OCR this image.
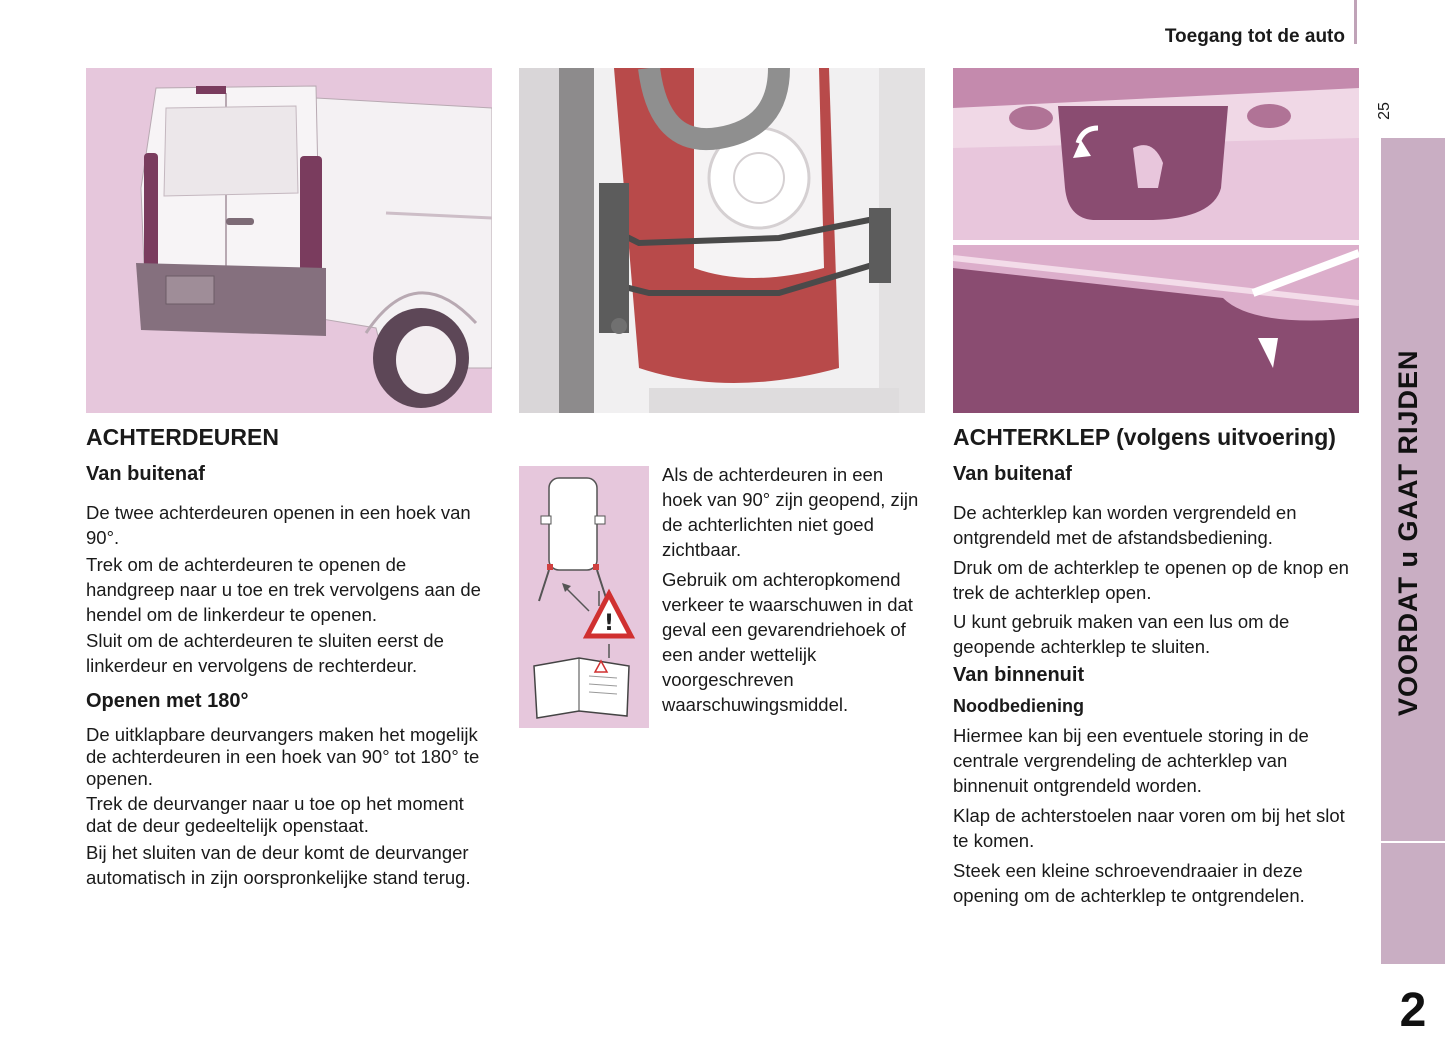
Toegang tot de auto
25
VOORDAT u GAAT RIJDEN
2
ACHTERDEUREN
Van buitenaf

De twee achterdeuren openen in een hoek van 90°.

Trek om de achterdeuren te openen de handgreep naar u toe en trek vervolgens aan de hendel om de linkerdeur te openen.

Sluit om de achterdeuren te sluiten eerst de linkerdeur en vervolgens de rechterdeur.

Openen met 180°

De uitklapbare deurvangers maken het mogelijk de achterdeuren in een hoek van 90° tot 180° te openen.

Trek de deurvanger naar u toe op het moment dat de deur gedeeltelijk openstaat.

Bij het sluiten van de deur komt de deurvanger automatisch in zijn oorspronkelijke stand terug.

!

Als de achterdeuren in een hoek van 90° zijn geopend, zijn de achterlichten niet goed zichtbaar.

Gebruik om achteropkomend verkeer te waarschuwen in dat geval een gevarendriehoek of een ander wettelijk voorgeschreven waarschuwingsmiddel.

ACHTERKLEP (volgens uitvoering)
Van buitenaf

De achterklep kan worden vergrendeld en ontgrendeld met de afstandsbediening.

Druk om de achterklep te openen op de knop en trek de achterklep open.

U kunt gebruik maken van een lus om de geopende achterklep te sluiten.

Van binnenuit
Noodbediening

Hiermee kan bij een eventuele storing in de centrale vergrendeling de achterklep van binnenuit ontgrendeld worden.

Klap de achterstoelen naar voren om bij het slot te komen.

Steek een kleine schroevendraaier in deze opening om de achterklep te ontgrendelen.
